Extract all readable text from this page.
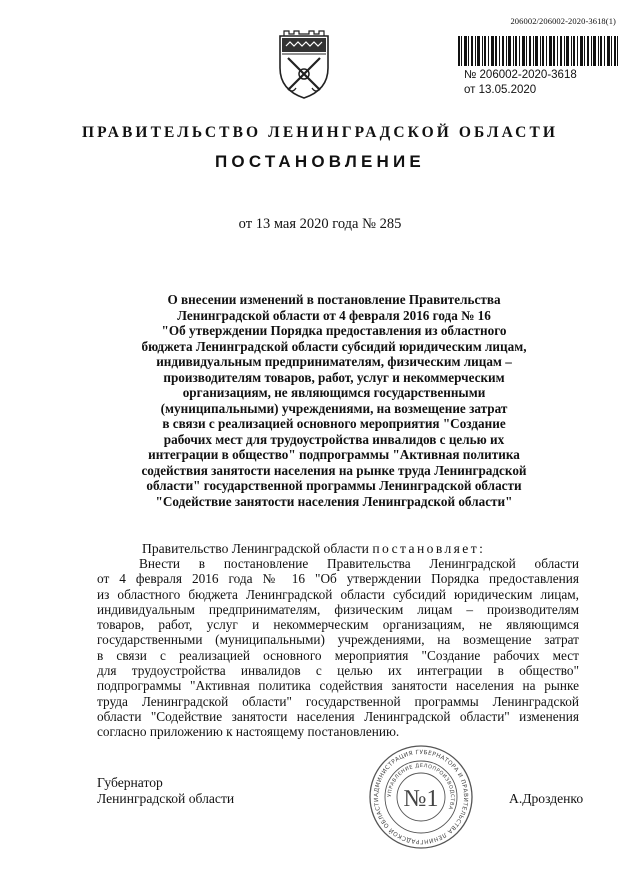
206002/206002-2020-3618(1)
№ 206002-2020-3618
от 13.05.2020
ПРАВИТЕЛЬСТВО ЛЕНИНГРАДСКОЙ ОБЛАСТИ
ПОСТАНОВЛЕНИЕ
от 13 мая 2020 года № 285
О внесении изменений в постановление Правительства
Ленинградской области от 4 февраля 2016 года № 16
"Об утверждении Порядка предоставления из областного
бюджета Ленинградской области субсидий юридическим лицам,
индивидуальным предпринимателям, физическим лицам –
производителям товаров, работ, услуг и некоммерческим
организациям, не являющимся государственными
(муниципальными) учреждениями, на возмещение затрат
в связи с реализацией основного мероприятия "Создание
рабочих мест для трудоустройства инвалидов с целью их
интеграции в общество" подпрограммы "Активная политика
содействия занятости населения на рынке труда Ленинградской
области" государственной программы Ленинградской области
"Содействие занятости населения Ленинградской области"
Правительство Ленинградской области постановляет:
Внести в постановление Правительства Ленинградской области
от 4 февраля 2016 года № 16 "Об утверждении Порядка предоставления
из областного бюджета Ленинградской области субсидий юридическим лицам,
индивидуальным предпринимателям, физическим лицам – производителям
товаров, работ, услуг и некоммерческим организациям, не являющимся
государственными (муниципальными) учреждениями, на возмещение затрат
в связи с реализацией основного мероприятия "Создание рабочих мест
для трудоустройства инвалидов с целью их интеграции в общество"
подпрограммы "Активная политика содействия занятости населения на рынке
труда Ленинградской области" государственной программы Ленинградской
области "Содействие занятости населения Ленинградской области" изменения
согласно приложению к настоящему постановлению.
АДМИНИСТРАЦИЯ ГУБЕРНАТОРА И ПРАВИТЕЛЬСТВА ЛЕНИНГРАДСКОЙ ОБЛАСТИ
УПРАВЛЕНИЕ ДЕЛОПРОИЗВОДСТВА
№1
Губернатор
Ленинградской области	А.Дрозденко
